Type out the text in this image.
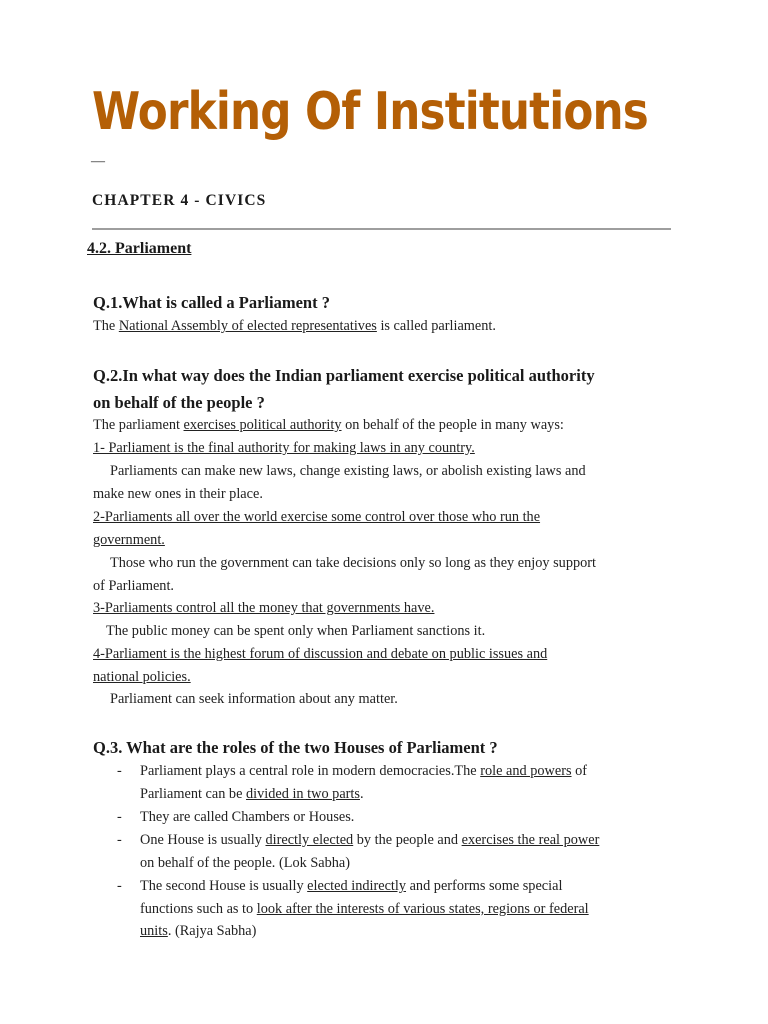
Working Of Institutions
—
CHAPTER 4 - CIVICS
4.2. Parliament

Q.1.What is called a Parliament ?

The National Assembly of elected representatives is called parliament.

Q.2.In what way does the Indian parliament exercise political authority

on behalf of the people ?

The parliament exercises political authority on behalf of the people in many ways:

1- Parliament is the final authority for making laws in any country.

Parliaments can make new laws, change existing laws, or abolish existing laws and

make new ones in their place.

2-Parliaments all over the world exercise some control over those who run the

government.

Those who run the government can take decisions only so long as they enjoy support

of Parliament.

3-Parliaments control all the money that governments have.

The public money can be spent only when Parliament sanctions it.

4-Parliament is the highest forum of discussion and debate on public issues and

national policies.

Parliament can seek information about any matter.

Q.3. What are the roles of the two Houses of Parliament ?

- Parliament plays a central role in modern democracies.The role and powers of

Parliament can be divided in two parts.

- They are called Chambers or Houses.

- One House is usually directly elected by the people and exercises the real power

on behalf of the people. (Lok Sabha)

- The second House is usually elected indirectly and performs some special

functions such as to look after the interests of various states, regions or federal

units. (Rajya Sabha)
